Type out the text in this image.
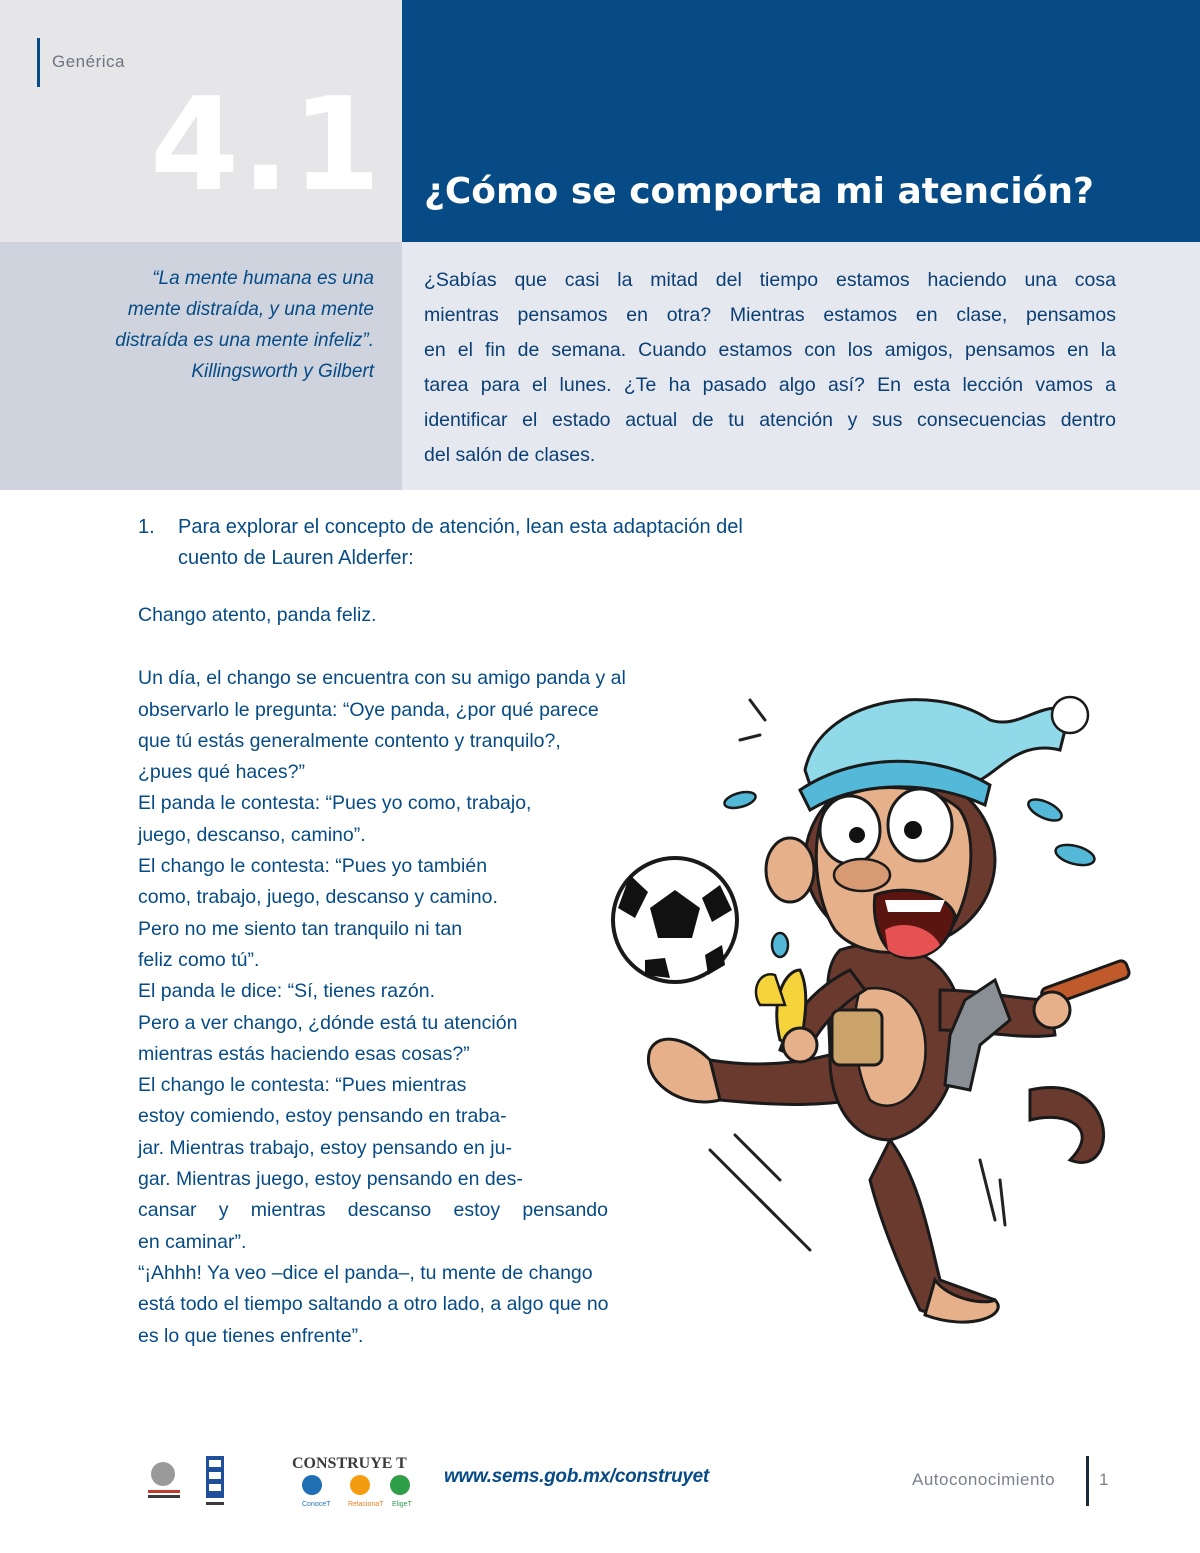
Genérica
4.1 ¿Cómo se comporta mi atención?
“La mente humana es una
mente distraída, y una mente
distraída es una mente infeliz”.
Killingsworth y Gilbert
¿Sabías que casi la mitad del tiempo estamos haciendo una cosa
mientras pensamos en otra? Mientras estamos en clase, pensamos
en el fin de semana. Cuando estamos con los amigos, pensamos en la
tarea para el lunes. ¿Te ha pasado algo así? En esta lección vamos a
identificar el estado actual de tu atención y sus consecuencias dentro
del salón de clases.
1. Para explorar el concepto de atención, lean esta adaptación del
cuento de Lauren Alderfer:
Chango atento, panda feliz.
Un día, el chango se encuentra con su amigo panda y al
observarlo le pregunta: “Oye panda, ¿por qué parece
que tú estás generalmente contento y tranquilo?,
¿pues qué haces?”
El panda le contesta: “Pues yo como, trabajo,
juego, descanso, camino”.
El chango le contesta: “Pues yo también
como, trabajo, juego, descanso y camino.
Pero no me siento tan tranquilo ni tan
feliz como tú”.
El panda le dice: “Sí, tienes razón.
Pero a ver chango, ¿dónde está tu atención
mientras estás haciendo esas cosas?”
El chango le contesta: “Pues mientras
estoy comiendo, estoy pensando en traba-
jar. Mientras trabajo, estoy pensando en ju-
gar. Mientras juego, estoy pensando en des-
cansar y mientras descanso estoy pensando
en caminar”.
“¡Ahhh! Ya veo –dice el panda–, tu mente de chango
está todo el tiempo saltando a otro lado, a algo que no
es lo que tienes enfrente”.
CONSTRUYE T
ConoceT	RelacionaT EligeT
www.sems.gob.mx/construyet	Autoconocimiento	1
